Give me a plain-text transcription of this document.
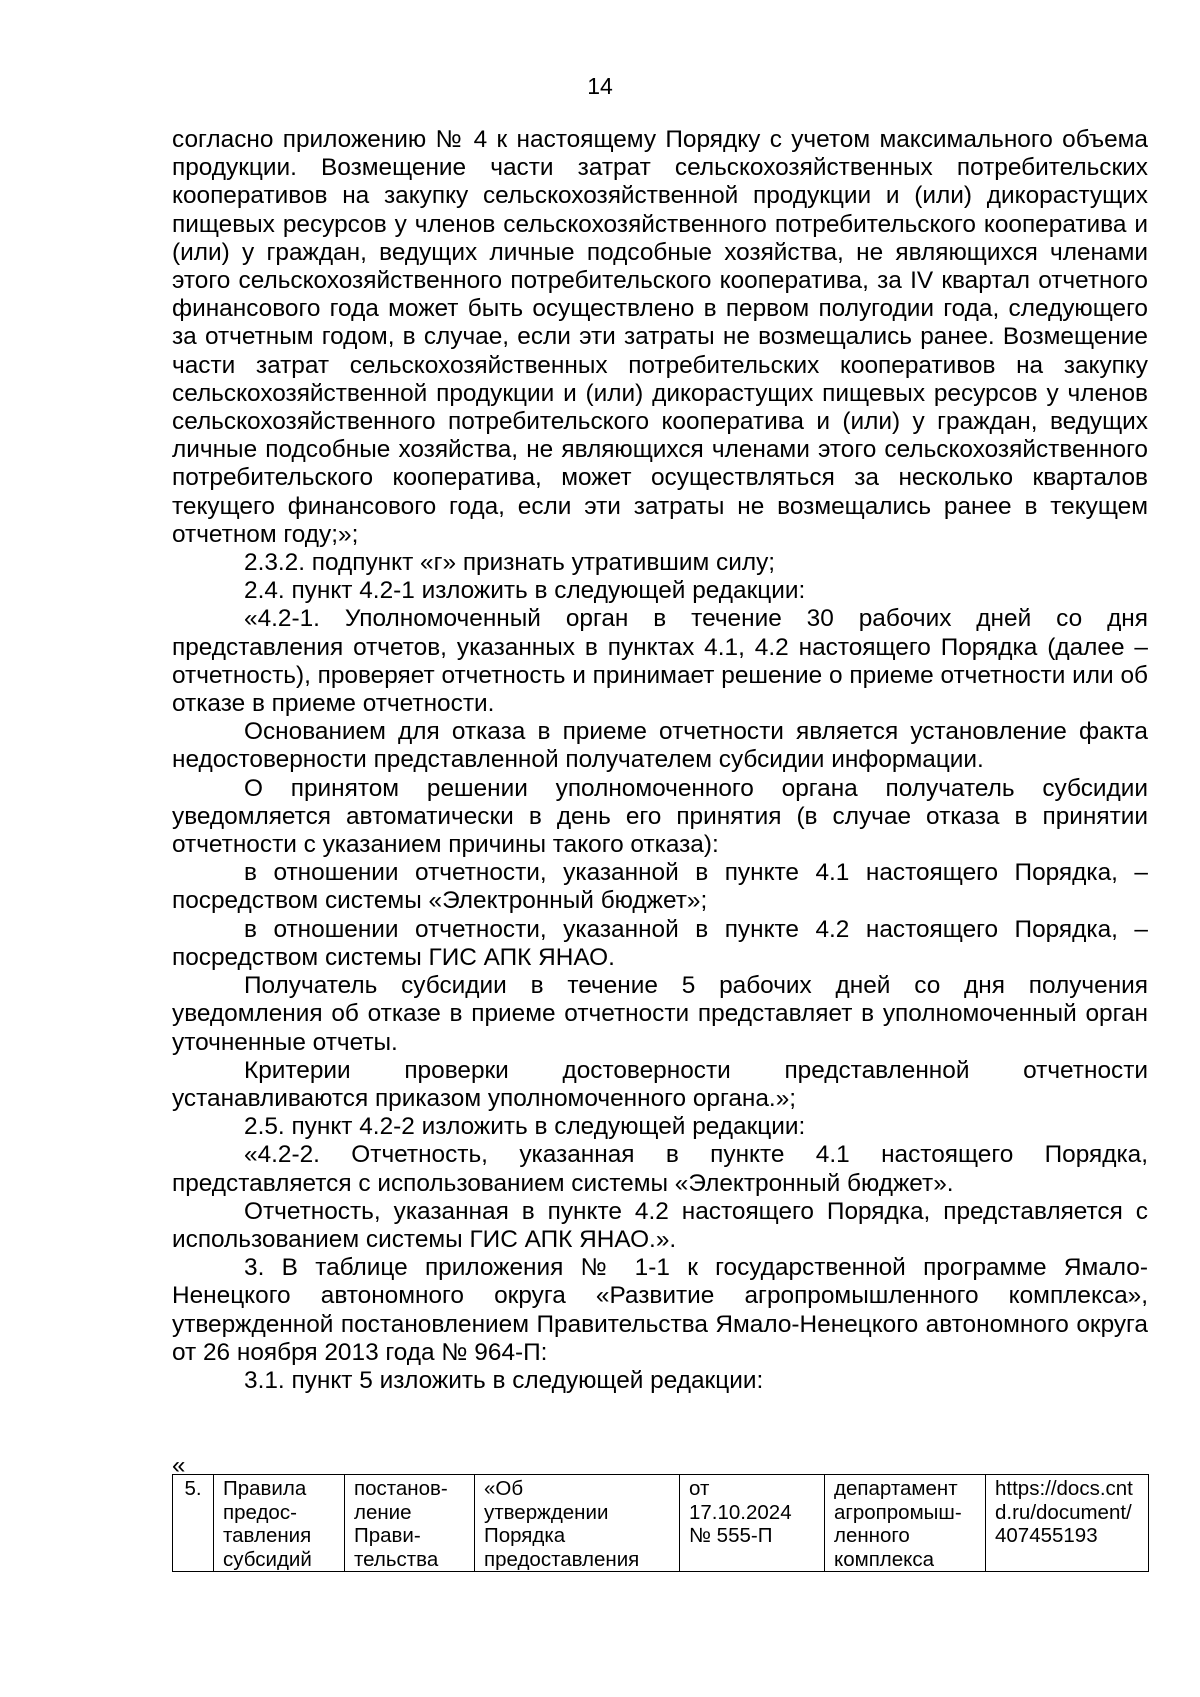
14

согласно приложению № 4 к настоящему Порядку с учетом максимального объема продукции. Возмещение части затрат сельскохозяйственных потребительских кооперативов на закупку сельскохозяйственной продукции и (или) дикорастущих пищевых ресурсов у членов сельскохозяйственного потребительского кооператива и (или) у граждан, ведущих личные подсобные хозяйства, не являющихся членами этого сельскохозяйственного потребительского кооператива, за IV квартал отчетного финансового года может быть осуществлено в первом полугодии года, следующего за отчетным годом, в случае, если эти затраты не возмещались ранее. Возмещение части затрат сельскохозяйственных потребительских кооперативов на закупку сельскохозяйственной продукции и (или) дикорастущих пищевых ресурсов у членов сельскохозяйственного потребительского кооператива и (или) у граждан, ведущих личные подсобные хозяйства, не являющихся членами этого сельскохозяйственного потребительского кооператива, может осуществляться за несколько кварталов текущего финансового года, если эти затраты не возмещались ранее в текущем отчетном году;»;

2.3.2. подпункт «г» признать утратившим силу;

2.4. пункт 4.2-1 изложить в следующей редакции:

«4.2-1. Уполномоченный орган в течение 30 рабочих дней со дня представления отчетов, указанных в пунктах 4.1, 4.2 настоящего Порядка (далее – отчетность), проверяет отчетность и принимает решение о приеме отчетности или об отказе в приеме отчетности.

Основанием для отказа в приеме отчетности является установление факта недостоверности представленной получателем субсидии информации.

О принятом решении уполномоченного органа получатель субсидии уведомляется автоматически в день его принятия (в случае отказа в принятии отчетности с указанием причины такого отказа):

в отношении отчетности, указанной в пункте 4.1 настоящего Порядка, – посредством системы «Электронный бюджет»;

в отношении отчетности, указанной в пункте 4.2 настоящего Порядка, – посредством системы ГИС АПК ЯНАО.

Получатель субсидии в течение 5 рабочих дней со дня получения уведомления об отказе в приеме отчетности представляет в уполномоченный орган уточненные отчеты.

Критерии проверки достоверности представленной отчетности устанавливаются приказом уполномоченного органа.»;

2.5. пункт 4.2-2 изложить в следующей редакции:

«4.2-2. Отчетность, указанная в пункте 4.1 настоящего Порядка, представляется с использованием системы «Электронный бюджет».

Отчетность, указанная в пункте 4.2 настоящего Порядка, представляется с использованием системы ГИС АПК ЯНАО.».

3. В таблице приложения № 1-1 к государственной программе Ямало-Ненецкого автономного округа «Развитие агропромышленного комплекса», утвержденной постановлением Правительства Ямало-Ненецкого автономного округа от 26 ноября 2013 года № 964-П:

3.1. пункт 5 изложить в следующей редакции:

«
5.	Правила
предос-
тавления
субсидий	постанов-
ление
Прави-
тельства	«Об
утверждении
Порядка
предоставления	от
17.10.2024
№ 555-П	департамент
агропромыш-
ленного
комплекса	https://docs.cnt
d.ru/document/
407455193
